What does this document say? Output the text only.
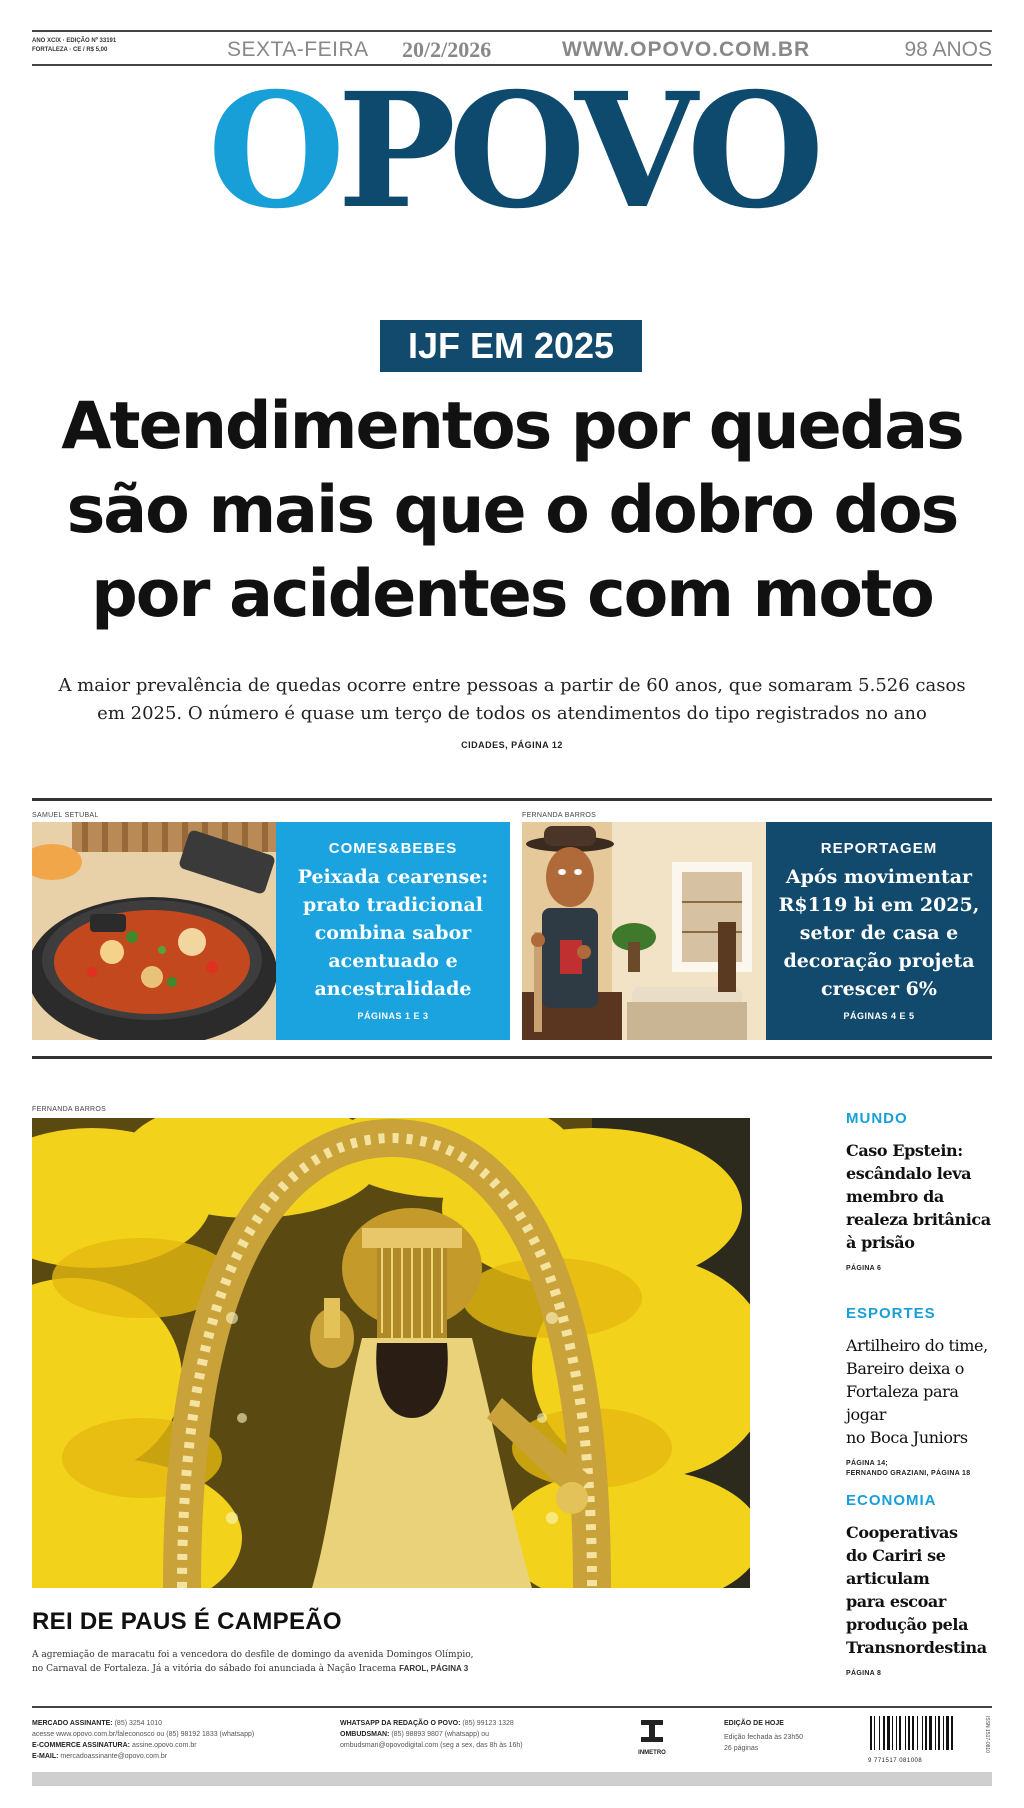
ANO XCIX · EDIÇÃO Nº 33191
FORTALEZA · CE / R$ 5,00	SEXTA-FEIRA 20/2/2026	WWW.OPOVO.COM.BR	98 ANOS
OPOVO
IJF EM 2025
Atendimentos por quedas
são mais que o dobro dos
por acidentes com moto
A maior prevalência de quedas ocorre entre pessoas a partir de 60 anos, que somaram 5.526 casos
em 2025. O número é quase um terço de todos os atendimentos do tipo registrados no ano
CIDADES, PÁGINA 12
SAMUEL SETUBAL
COMES&BEBES
Peixada cearense:
prato tradicional
combina sabor
acentuado e
ancestralidade
PÁGINAS 1 E 3
FERNANDA BARROS
REPORTAGEM
Após movimentar
R$119 bi em 2025,
setor de casa e
decoração projeta
crescer 6%
PÁGINAS 4 E 5
FERNANDA BARROS
REI DE PAUS É CAMPEÃO
A agremiação de maracatu foi a vencedora do desfile de domingo da avenida Domingos Olímpio,
no Carnaval de Fortaleza. Já a vitória do sábado foi anunciada à Nação Iracema FAROL, PÁGINA 3
MUNDO
Caso Epstein:
escândalo leva
membro da
realeza britânica
à prisão
PÁGINA 6
ESPORTES
Artilheiro do time,
Bareiro deixa o
Fortaleza para jogar
no Boca Juniors
PÁGINA 14;
FERNANDO GRAZIANI, PÁGINA 18
ECONOMIA
Cooperativas
do Cariri se
articulam
para escoar
produção pela
Transnordestina
PÁGINA 8
MERCADO ASSINANTE: (85) 3254 1010
acesse www.opovo.com.br/faleconosco ou (85) 98192 1833 (whatsapp)
E-COMMERCE ASSINATURA: assine.opovo.com.br
E-MAIL: mercadoassinante@opovo.com.br
WHATSAPP DA REDAÇÃO O POVO: (85) 99123 1328
OMBUDSMAN: (85) 98893 9807 (whatsapp) ou
ombudsman@opovodigital.com (seg a sex, das 8h às 16h)
INMETRO
EDIÇÃO DE HOJE
Edição fechada às 23h50
26 páginas
9 771517 081008
ISSN 1517-0810
